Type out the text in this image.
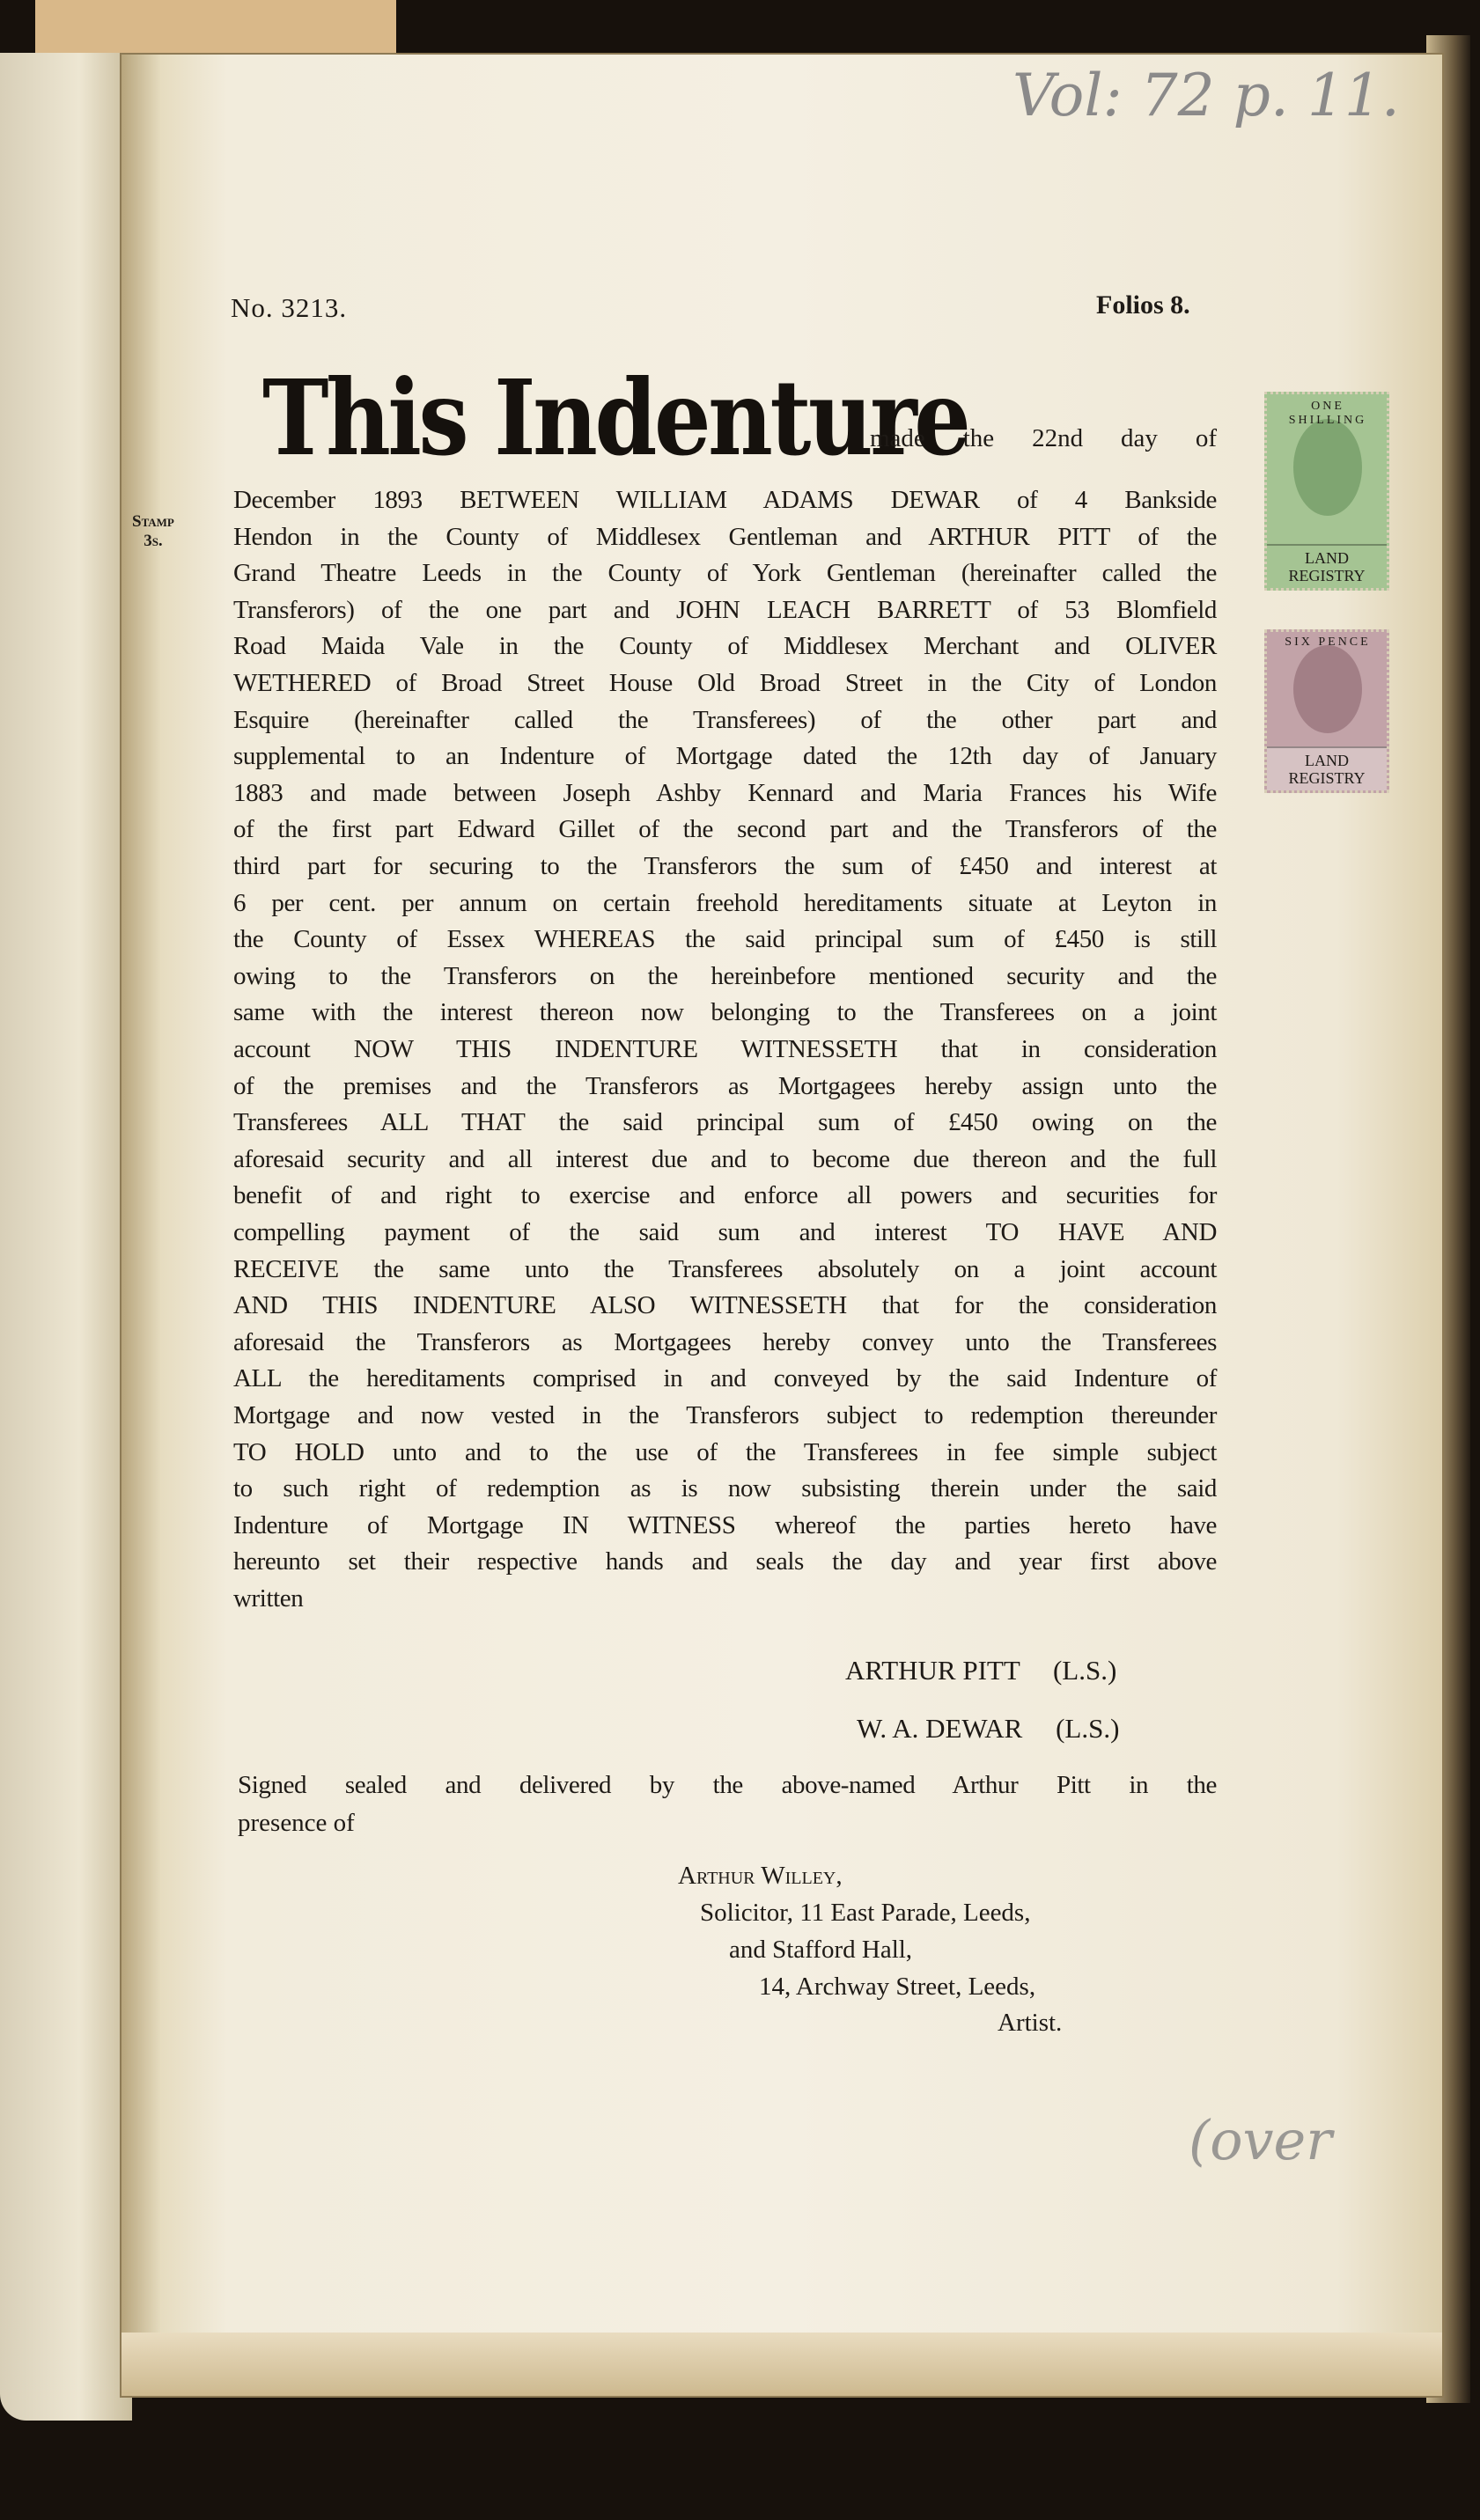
Vol: 72 p. 11.
No. 3213.	Folios 8.
This Indenture
made the 22nd day of
Stamp
3s.
ONE SHILLING
LAND
REGISTRY
SIX PENCE
LAND
REGISTRY
December 1893 BETWEEN WILLIAM ADAMS DEWAR of 4 Bankside
Hendon in the County of Middlesex Gentleman and ARTHUR PITT of the
Grand Theatre Leeds in the County of York Gentleman (hereinafter called the
Transferors) of the one part and JOHN LEACH BARRETT of 53 Blomfield
Road Maida Vale in the County of Middlesex Merchant and OLIVER
WETHERED of Broad Street House Old Broad Street in the City of London
Esquire (hereinafter called the Transferees) of the other part and
supplemental to an Indenture of Mortgage dated the 12th day of January
1883 and made between Joseph Ashby Kennard and Maria Frances his Wife
of the first part Edward Gillet of the second part and the Transferors of the
third part for securing to the Transferors the sum of £450 and interest at
6 per cent. per annum on certain freehold hereditaments situate at Leyton in
the County of Essex WHEREAS the said principal sum of £450 is still
owing to the Transferors on the hereinbefore mentioned security and the
same with the interest thereon now belonging to the Transferees on a joint
account NOW THIS INDENTURE WITNESSETH that in consideration
of the premises and the Transferors as Mortgagees hereby assign unto the
Transferees ALL THAT the said principal sum of £450 owing on the
aforesaid security and all interest due and to become due thereon and the full
benefit of and right to exercise and enforce all powers and securities for
compelling payment of the said sum and interest TO HAVE AND
RECEIVE the same unto the Transferees absolutely on a joint account
AND THIS INDENTURE ALSO WITNESSETH that for the consideration
aforesaid the Transferors as Mortgagees hereby convey unto the Transferees
ALL the hereditaments comprised in and conveyed by the said Indenture of
Mortgage and now vested in the Transferors subject to redemption thereunder
TO HOLD unto and to the use of the Transferees in fee simple subject
to such right of redemption as is now subsisting therein under the said
Indenture of Mortgage IN WITNESS whereof the parties hereto have
hereunto set their respective hands and seals the day and year first above
written
ARTHUR PITT (L.S.)
W. A. DEWAR (L.S.)
Signed sealed and delivered by the above-named Arthur Pitt in the
presence of
Arthur Willey,
Solicitor, 11 East Parade, Leeds,
and Stafford Hall,
14, Archway Street, Leeds,
Artist.
(over
